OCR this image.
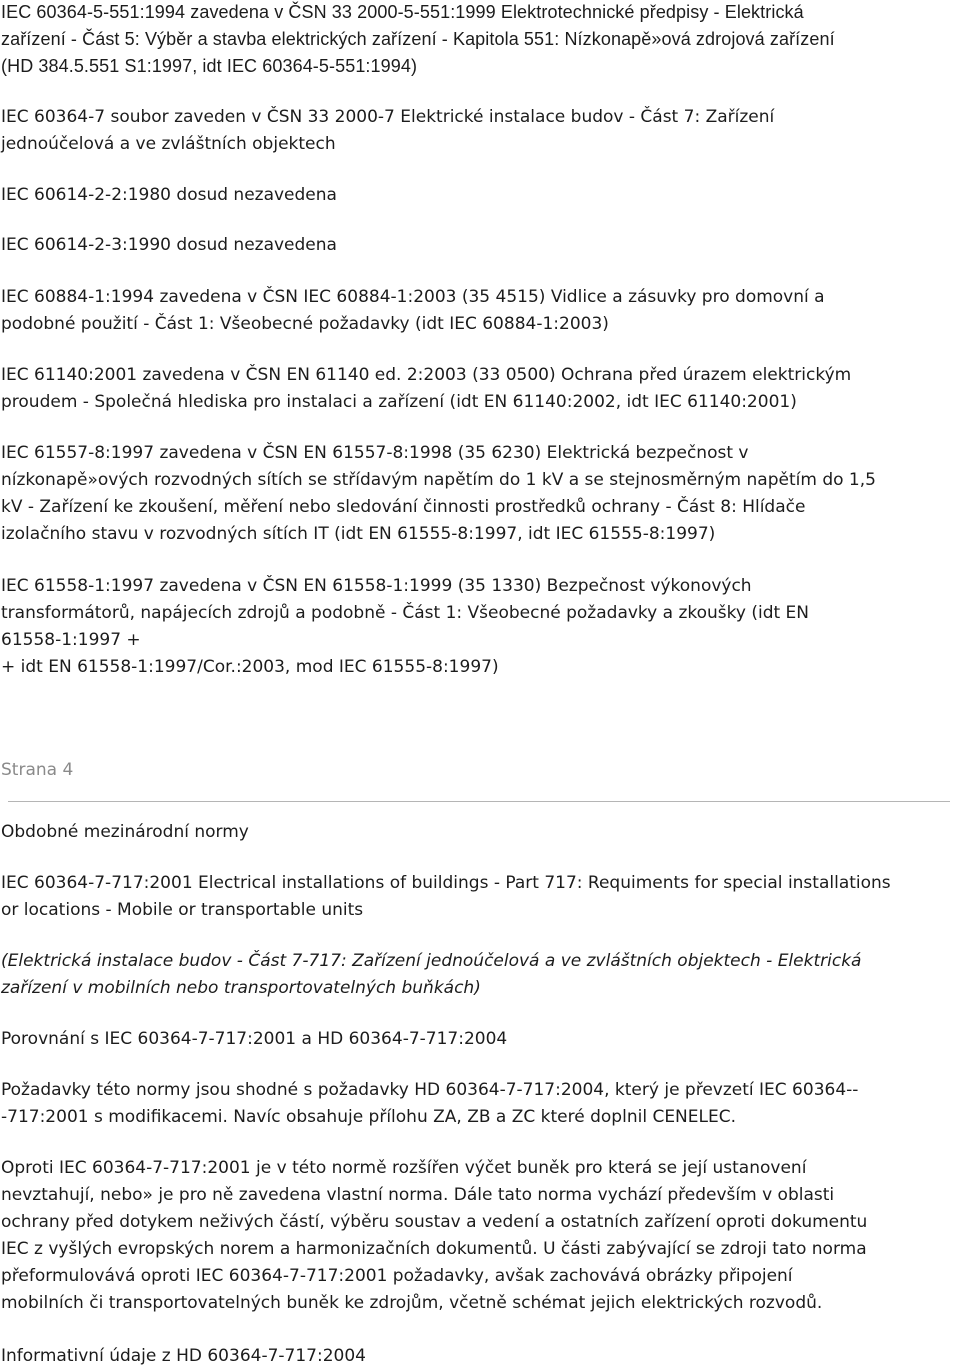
IEC 60364-5-551:1994 zavedena v ČSN 33 2000-5-551:1999 Elektrotechnické předpisy - Elektrická
zařízení - Část 5: Výběr a stavba elektrických zařízení - Kapitola 551: Nízkonapě»ová zdrojová zařízení
(HD 384.5.551 S1:1997, idt IEC 60364-5-551:1994)
IEC 60364-7 soubor zaveden v ČSN 33 2000-7 Elektrické instalace budov - Část 7: Zařízení
jednoúčelová a ve zvláštních objektech
IEC 60614-2-2:1980 dosud nezavedena
IEC 60614-2-3:1990 dosud nezavedena
IEC 60884-1:1994 zavedena v ČSN IEC 60884-1:2003 (35 4515) Vidlice a zásuvky pro domovní a
podobné použití - Část 1: Všeobecné požadavky (idt IEC 60884-1:2003)
IEC 61140:2001 zavedena v ČSN EN 61140 ed. 2:2003 (33 0500) Ochrana před úrazem elektrickým
proudem - Společná hlediska pro instalaci a zařízení (idt EN 61140:2002, idt IEC 61140:2001)
IEC 61557-8:1997 zavedena v ČSN EN 61557-8:1998 (35 6230) Elektrická bezpečnost v
nízkonapě»ových rozvodných sítích se střídavým napětím do 1 kV a se stejnosměrným napětím do 1,5
kV - Zařízení ke zkoušení, měření nebo sledování činnosti prostředků ochrany - Část 8: Hlídače
izolačního stavu v rozvodných sítích IT (idt EN 61555-8:1997, idt IEC 61555-8:1997)
IEC 61558-1:1997 zavedena v ČSN EN 61558-1:1999 (35 1330) Bezpečnost výkonových
transformátorů, napájecích zdrojů a podobně - Část 1: Všeobecné požadavky a zkoušky (idt EN
61558-1:1997 +
+ idt EN 61558-1:1997/Cor.:2003, mod IEC 61555-8:1997)
Strana 4
Obdobné mezinárodní normy
IEC 60364-7-717:2001 Electrical installations of buildings - Part 717: Requiments for special installations
or locations - Mobile or transportable units
(Elektrická instalace budov - Část 7-717: Zařízení jednoúčelová a ve zvláštních objektech - Elektrická
zařízení v mobilních nebo transportovatelných buňkách)
Porovnání s IEC 60364-7-717:2001 a HD 60364-7-717:2004
Požadavky této normy jsou shodné s požadavky HD 60364-7-717:2004, který je převzetí IEC 60364--
-717:2001 s modifikacemi. Navíc obsahuje přílohu ZA, ZB a ZC které doplnil CENELEC.
Oproti IEC 60364-7-717:2001 je v této normě rozšířen výčet buněk pro která se její ustanovení
nevztahují, nebo» je pro ně zavedena vlastní norma. Dále tato norma vychází především v oblasti
ochrany před dotykem neživých částí, výběru soustav a vedení a ostatních zařízení oproti dokumentu
IEC z vyšlých evropských norem a harmonizačních dokumentů. U části zabývající se zdroji tato norma
přeformulovává oproti IEC 60364-7-717:2001 požadavky, avšak zachovává obrázky připojení
mobilních či transportovatelných buněk ke zdrojům, včetně schémat jejich elektrických rozvodů.
Informativní údaje z HD 60364-7-717:2004
